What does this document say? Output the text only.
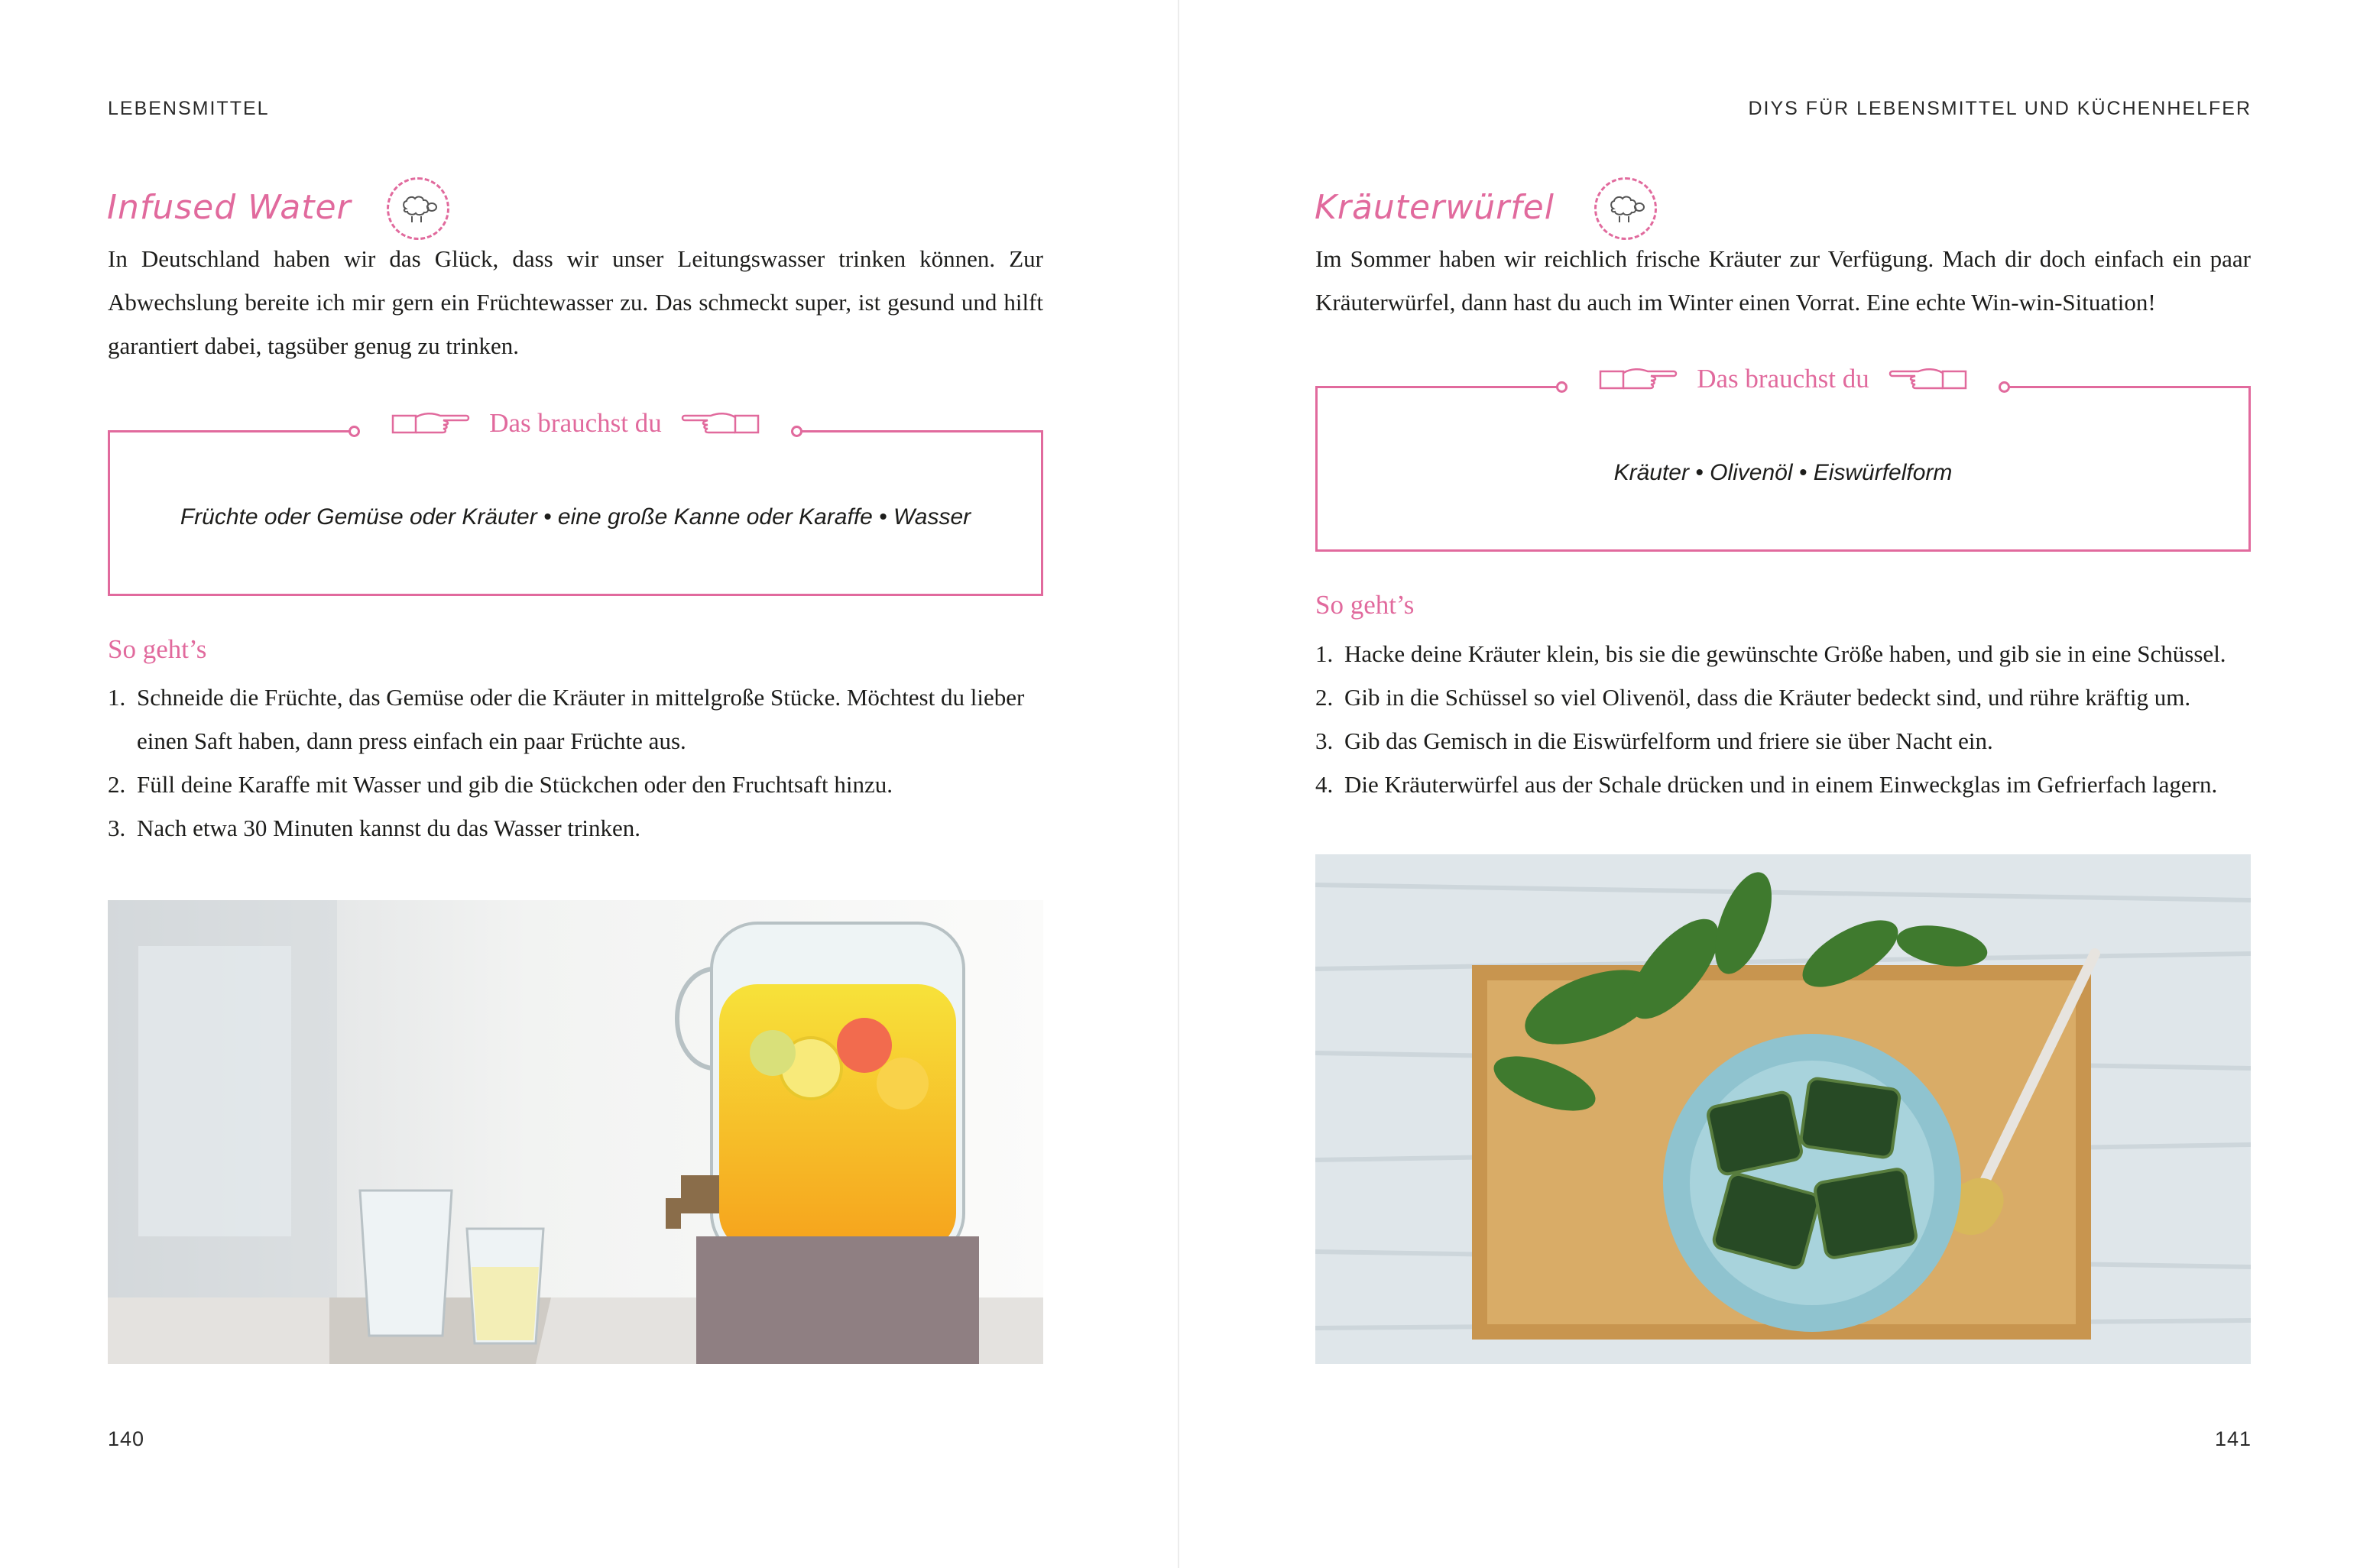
LEBENSMITTEL
Infused Water

In Deutschland haben wir das Glück, dass wir unser Leitungswasser trinken können. Zur Abwechslung bereite ich mir gern ein Früchtewasser zu. Das schmeckt super, ist gesund und hilft garantiert dabei, tagsüber genug zu trinken.

Das brauchst du
Früchte oder Gemüse oder Kräuter • eine große Kanne oder Karaffe • Wasser
So geht’s
1. Schneide die Früchte, das Gemüse oder die Kräuter in mittelgroße Stücke. Möchtest du lieber einen Saft haben, dann press einfach ein paar Früchte aus.
2. Füll deine Karaffe mit Wasser und gib die Stückchen oder den Fruchtsaft hinzu.
3. Nach etwa 30 Minuten kannst du das Wasser trinken.
140
DIYS FÜR LEBENSMITTEL UND KÜCHENHELFER
Kräuterwürfel

Im Sommer haben wir reichlich frische Kräuter zur Verfügung. Mach dir doch einfach ein paar Kräuterwürfel, dann hast du auch im Winter einen Vorrat. Eine echte Win-win-Situation!

Das brauchst du
Kräuter • Olivenöl • Eiswürfelform
So geht’s
1. Hacke deine Kräuter klein, bis sie die gewünschte Größe haben, und gib sie in eine Schüssel.
2. Gib in die Schüssel so viel Olivenöl, dass die Kräuter bedeckt sind, und rühre kräftig um.
3. Gib das Gemisch in die Eiswürfelform und friere sie über Nacht ein.
4. Die Kräuterwürfel aus der Schale drücken und in einem Einweckglas im Gefrierfach lagern.
141
